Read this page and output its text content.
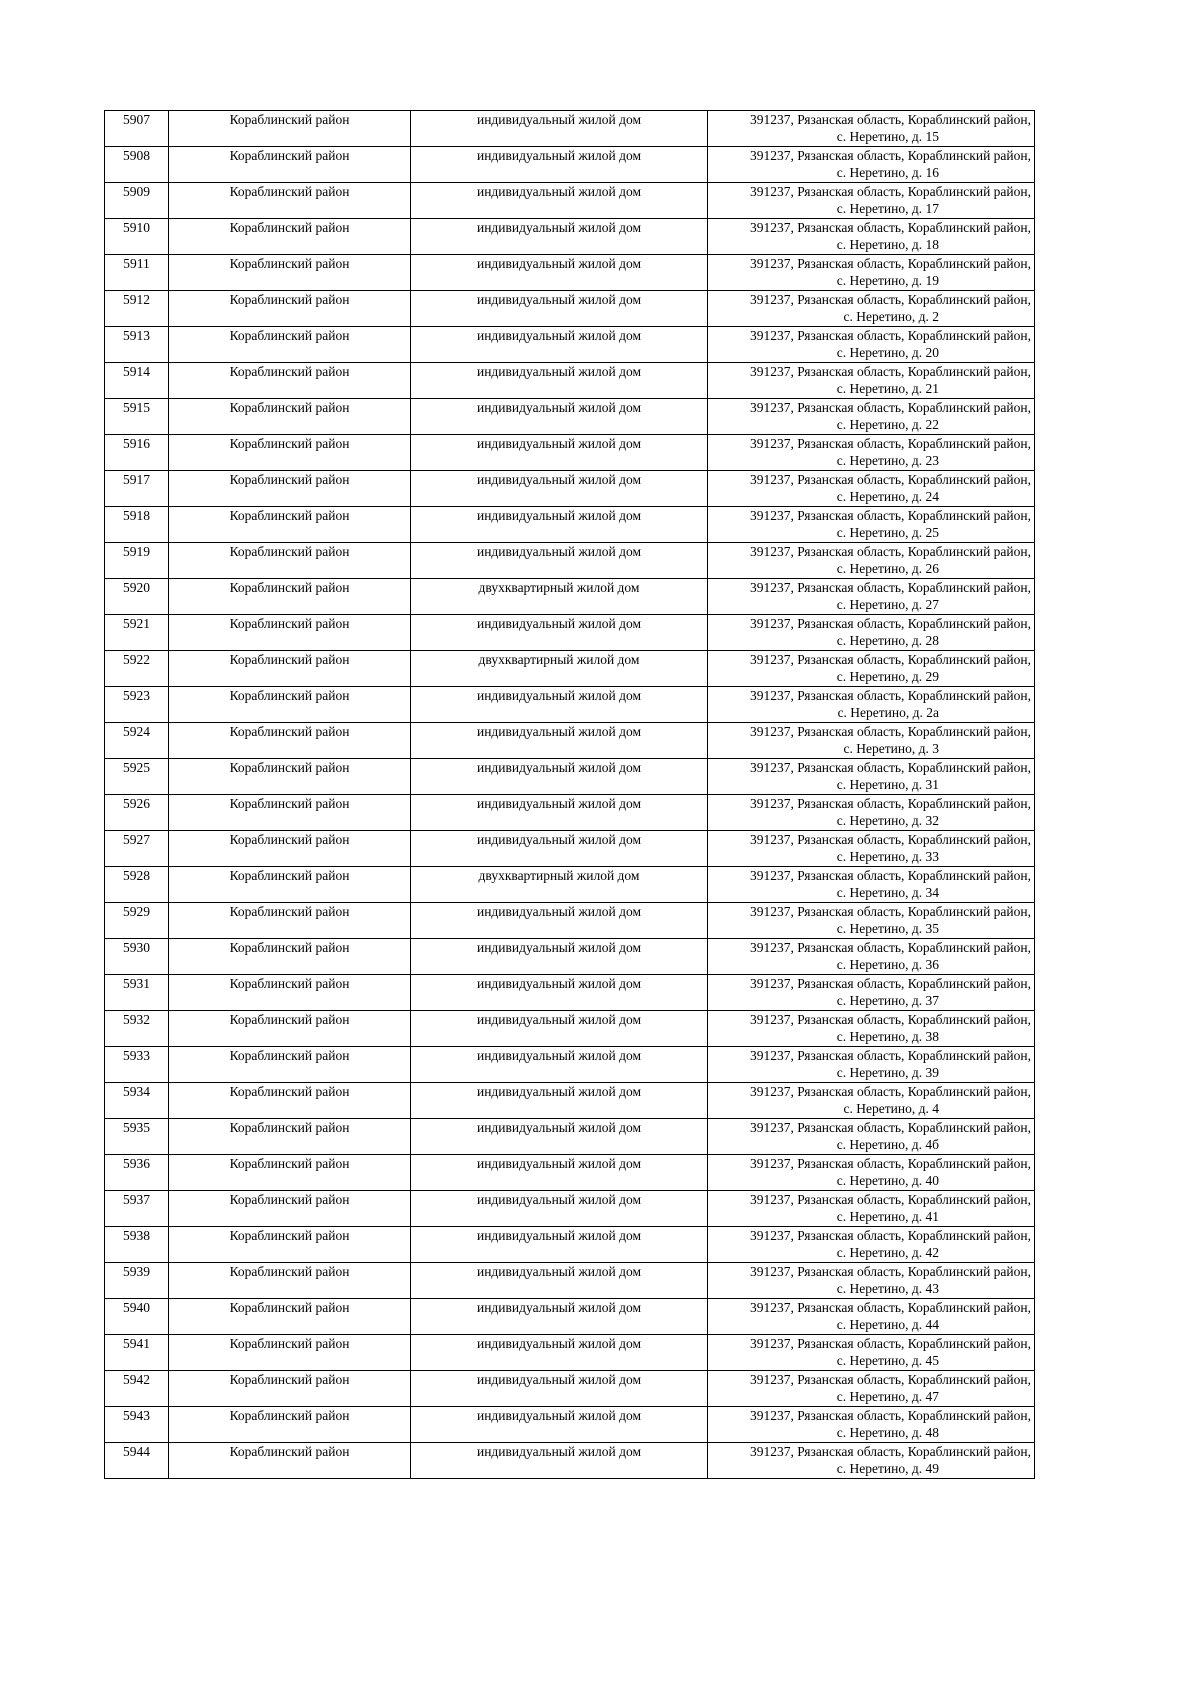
5907	Кораблинский район	индивидуальный жилой дом	391237, Рязанская область, Кораблинский район,
с. Неретино, д. 15

5908	Кораблинский район	индивидуальный жилой дом	391237, Рязанская область, Кораблинский район,
с. Неретино, д. 16

5909	Кораблинский район	индивидуальный жилой дом	391237, Рязанская область, Кораблинский район,
с. Неретино, д. 17

5910	Кораблинский район	индивидуальный жилой дом	391237, Рязанская область, Кораблинский район,
с. Неретино, д. 18

5911	Кораблинский район	индивидуальный жилой дом	391237, Рязанская область, Кораблинский район,
с. Неретино, д. 19

5912	Кораблинский район	индивидуальный жилой дом	391237, Рязанская область, Кораблинский район,
с. Неретино, д. 2

5913	Кораблинский район	индивидуальный жилой дом	391237, Рязанская область, Кораблинский район,
с. Неретино, д. 20

5914	Кораблинский район	индивидуальный жилой дом	391237, Рязанская область, Кораблинский район,
с. Неретино, д. 21

5915	Кораблинский район	индивидуальный жилой дом	391237, Рязанская область, Кораблинский район,
с. Неретино, д. 22

5916	Кораблинский район	индивидуальный жилой дом	391237, Рязанская область, Кораблинский район,
с. Неретино, д. 23

5917	Кораблинский район	индивидуальный жилой дом	391237, Рязанская область, Кораблинский район,
с. Неретино, д. 24

5918	Кораблинский район	индивидуальный жилой дом	391237, Рязанская область, Кораблинский район,
с. Неретино, д. 25

5919	Кораблинский район	индивидуальный жилой дом	391237, Рязанская область, Кораблинский район,
с. Неретино, д. 26

5920	Кораблинский район	двухквартирный жилой дом	391237, Рязанская область, Кораблинский район,
с. Неретино, д. 27

5921	Кораблинский район	индивидуальный жилой дом	391237, Рязанская область, Кораблинский район,
с. Неретино, д. 28

5922	Кораблинский район	двухквартирный жилой дом	391237, Рязанская область, Кораблинский район,
с. Неретино, д. 29

5923	Кораблинский район	индивидуальный жилой дом	391237, Рязанская область, Кораблинский район,
с. Неретино, д. 2а

5924	Кораблинский район	индивидуальный жилой дом	391237, Рязанская область, Кораблинский район,
с. Неретино, д. 3

5925	Кораблинский район	индивидуальный жилой дом	391237, Рязанская область, Кораблинский район,
с. Неретино, д. 31

5926	Кораблинский район	индивидуальный жилой дом	391237, Рязанская область, Кораблинский район,
с. Неретино, д. 32

5927	Кораблинский район	индивидуальный жилой дом	391237, Рязанская область, Кораблинский район,
с. Неретино, д. 33

5928	Кораблинский район	двухквартирный жилой дом	391237, Рязанская область, Кораблинский район,
с. Неретино, д. 34

5929	Кораблинский район	индивидуальный жилой дом	391237, Рязанская область, Кораблинский район,
с. Неретино, д. 35

5930	Кораблинский район	индивидуальный жилой дом	391237, Рязанская область, Кораблинский район,
с. Неретино, д. 36

5931	Кораблинский район	индивидуальный жилой дом	391237, Рязанская область, Кораблинский район,
с. Неретино, д. 37

5932	Кораблинский район	индивидуальный жилой дом	391237, Рязанская область, Кораблинский район,
с. Неретино, д. 38

5933	Кораблинский район	индивидуальный жилой дом	391237, Рязанская область, Кораблинский район,
с. Неретино, д. 39

5934	Кораблинский район	индивидуальный жилой дом	391237, Рязанская область, Кораблинский район,
с. Неретино, д. 4

5935	Кораблинский район	индивидуальный жилой дом	391237, Рязанская область, Кораблинский район,
с. Неретино, д. 4б

5936	Кораблинский район	индивидуальный жилой дом	391237, Рязанская область, Кораблинский район,
с. Неретино, д. 40

5937	Кораблинский район	индивидуальный жилой дом	391237, Рязанская область, Кораблинский район,
с. Неретино, д. 41

5938	Кораблинский район	индивидуальный жилой дом	391237, Рязанская область, Кораблинский район,
с. Неретино, д. 42

5939	Кораблинский район	индивидуальный жилой дом	391237, Рязанская область, Кораблинский район,
с. Неретино, д. 43

5940	Кораблинский район	индивидуальный жилой дом	391237, Рязанская область, Кораблинский район,
с. Неретино, д. 44

5941	Кораблинский район	индивидуальный жилой дом	391237, Рязанская область, Кораблинский район,
с. Неретино, д. 45

5942	Кораблинский район	индивидуальный жилой дом	391237, Рязанская область, Кораблинский район,
с. Неретино, д. 47

5943	Кораблинский район	индивидуальный жилой дом	391237, Рязанская область, Кораблинский район,
с. Неретино, д. 48

5944	Кораблинский район	индивидуальный жилой дом	391237, Рязанская область, Кораблинский район,
с. Неретино, д. 49
